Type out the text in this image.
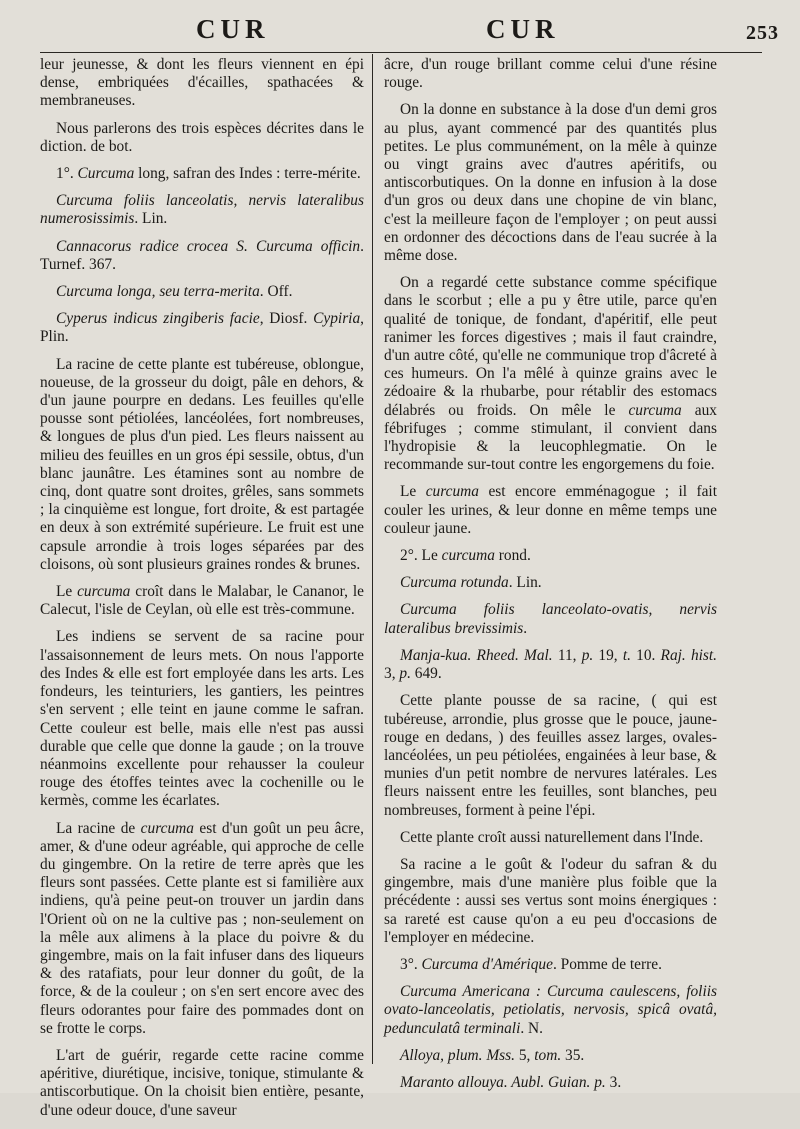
CUR	CUR	253

leur jeunesse, & dont les fleurs viennent en épi dense, embriquées d'écailles, spathacées & membraneuses.

Nous parlerons des trois espèces décrites dans le diction. de bot.

1°. Curcuma long, safran des Indes : terre-mérite.

Curcuma foliis lanceolatis, nervis lateralibus numerosissimis. Lin.

Cannacorus radice crocea S. Curcuma officin. Turnef. 367.

Curcuma longa, seu terra-merita. Off.

Cyperus indicus zingiberis facie, Diosf. Cypiria, Plin.

La racine de cette plante est tubéreuse, oblongue, noueuse, de la grosseur du doigt, pâle en dehors, & d'un jaune pourpre en dedans. Les feuilles qu'elle pousse sont pétiolées, lancéolées, fort nombreuses, & longues de plus d'un pied. Les fleurs naissent au milieu des feuilles en un gros épi sessile, obtus, d'un blanc jaunâtre. Les étamines sont au nombre de cinq, dont quatre sont droites, grêles, sans sommets ; la cinquième est longue, fort droite, & est partagée en deux à son extrémité supérieure. Le fruit est une capsule arrondie à trois loges séparées par des cloisons, où sont plusieurs graines rondes & brunes.

Le curcuma croît dans le Malabar, le Cananor, le Calecut, l'isle de Ceylan, où elle est très-commune.

Les indiens se servent de sa racine pour l'assaisonnement de leurs mets. On nous l'apporte des Indes & elle est fort employée dans les arts. Les fondeurs, les teinturiers, les gantiers, les peintres s'en servent ; elle teint en jaune comme le safran. Cette couleur est belle, mais elle n'est pas aussi durable que celle que donne la gaude ; on la trouve néanmoins excellente pour rehausser la couleur rouge des étoffes teintes avec la cochenille ou le kermès, comme les écarlates.

La racine de curcuma est d'un goût un peu âcre, amer, & d'une odeur agréable, qui approche de celle du gingembre. On la retire de terre après que les fleurs sont passées. Cette plante est si familière aux indiens, qu'à peine peut-on trouver un jardin dans l'Orient où on ne la cultive pas ; non-seulement on la mêle aux alimens à la place du poivre & du gingembre, mais on la fait infuser dans des liqueurs & des ratafiats, pour leur donner du goût, de la force, & de la couleur ; on s'en sert encore avec des fleurs odorantes pour faire des pommades dont on se frotte le corps.

L'art de guérir, regarde cette racine comme apéritive, diurétique, incisive, tonique, stimulante & antiscorbutique. On la choisit bien entière, pesante, d'une odeur douce, d'une saveur

âcre, d'un rouge brillant comme celui d'une résine rouge.

On la donne en substance à la dose d'un demi gros au plus, ayant commencé par des quantités plus petites. Le plus communément, on la mêle à quinze ou vingt grains avec d'autres apéritifs, ou antiscorbutiques. On la donne en infusion à la dose d'un gros ou deux dans une chopine de vin blanc, c'est la meilleure façon de l'employer ; on peut aussi en ordonner des décoctions dans de l'eau sucrée à la même dose.

On a regardé cette substance comme spécifique dans le scorbut ; elle a pu y être utile, parce qu'en qualité de tonique, de fondant, d'apéritif, elle peut ranimer les forces digestives ; mais il faut craindre, d'un autre côté, qu'elle ne communique trop d'âcreté à ces humeurs. On l'a mêlé à quinze grains avec le zédoaire & la rhubarbe, pour rétablir des estomacs délabrés ou froids. On mêle le curcuma aux fébrifuges ; comme stimulant, il convient dans l'hydropisie & la leucophlegmatie. On le recommande sur-tout contre les engorgemens du foie.

Le curcuma est encore emménagogue ; il fait couler les urines, & leur donne en même temps une couleur jaune.

2°. Le curcuma rond.

Curcuma rotunda. Lin.

Curcuma foliis lanceolato-ovatis, nervis lateralibus brevissimis.

Manja-kua. Rheed. Mal. 11, p. 19, t. 10. Raj. hist. 3, p. 649.

Cette plante pousse de sa racine, ( qui est tubéreuse, arrondie, plus grosse que le pouce, jaune-rouge en dedans, ) des feuilles assez larges, ovales-lancéolées, un peu pétiolées, engainées à leur base, & munies d'un petit nombre de nervures latérales. Les fleurs naissent entre les feuilles, sont blanches, peu nombreuses, forment à peine l'épi.

Cette plante croît aussi naturellement dans l'Inde.

Sa racine a le goût & l'odeur du safran & du gingembre, mais d'une manière plus foible que la précédente : aussi ses vertus sont moins énergiques : sa rareté est cause qu'on a eu peu d'occasions de l'employer en médecine.

3°. Curcuma d'Amérique. Pomme de terre.

Curcuma Americana : Curcuma caulescens, foliis ovato-lanceolatis, petiolatis, nervosis, spicâ ovatâ, pedunculatâ terminali. N.

Alloya, plum. Mss. 5, tom. 35.

Maranto allouya. Aubl. Guian. p. 3.
